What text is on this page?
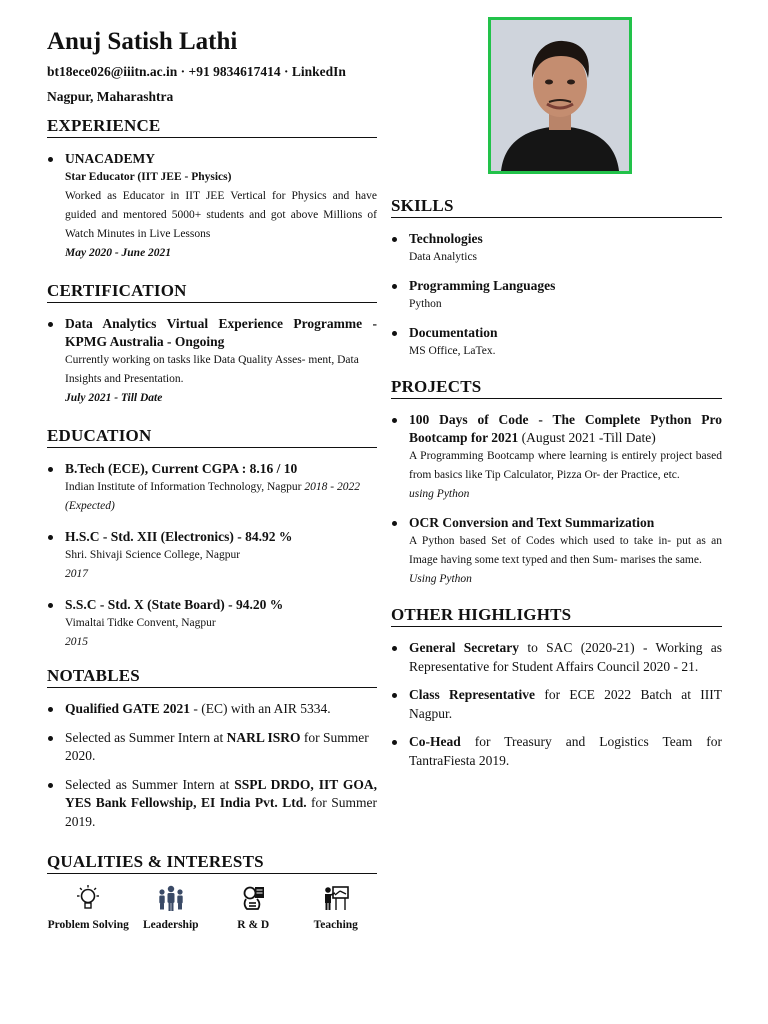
Anuj Satish Lathi
bt18ece026@iiitn.ac.in · +91 9834617414 · LinkedIn
Nagpur, Maharashtra
EXPERIENCE
UNACADEMY
Star Educator (IIT JEE - Physics)
Worked as Educator in IIT JEE Vertical for Physics and have guided and mentored 5000+ students and got above Millions of Watch Minutes in Live Lessons
May 2020 - June 2021
CERTIFICATION
Data Analytics Virtual Experience Programme - KPMG Australia - Ongoing
Currently working on tasks like Data Quality Asses- ment, Data Insights and Presentation.
July 2021 - Till Date
EDUCATION
B.Tech (ECE), Current CGPA : 8.16 / 10
Indian Institute of Information Technology, Nagpur 2018 - 2022 (Expected)
H.S.C - Std. XII (Electronics) - 84.92 %
Shri. Shivaji Science College, Nagpur
2017
S.S.C - Std. X (State Board) - 94.20 %
Vimaltai Tidke Convent, Nagpur
2015
NOTABLES
Qualified GATE 2021 - (EC) with an AIR 5334.
Selected as Summer Intern at NARL ISRO for Summer 2020.
Selected as Summer Intern at SSPL DRDO, IIT GOA, YES Bank Fellowship, EI India Pvt. Ltd. for Summer 2019.
QUALITIES & INTERESTS
Problem Solving	Leadership	R & D	Teaching
SKILLS
Technologies
Data Analytics
Programming Languages
Python
Documentation
MS Office, LaTex.
PROJECTS
100 Days of Code - The Complete Python Pro Bootcamp for 2021 (August 2021 -Till Date)
A Programming Bootcamp where learning is entirely project based from basics like Tip Calculator, Pizza Or- der Practice, etc.
using Python
OCR Conversion and Text Summarization
A Python based Set of Codes which used to take in- put as an Image having some text typed and then Sum- marises the same.
Using Python
OTHER HIGHLIGHTS
General Secretary to SAC (2020-21) - Working as Representative for Student Affairs Council 2020 - 21.
Class Representative for ECE 2022 Batch at IIIT Nagpur.
Co-Head for Treasury and Logistics Team for TantraFiesta 2019.
